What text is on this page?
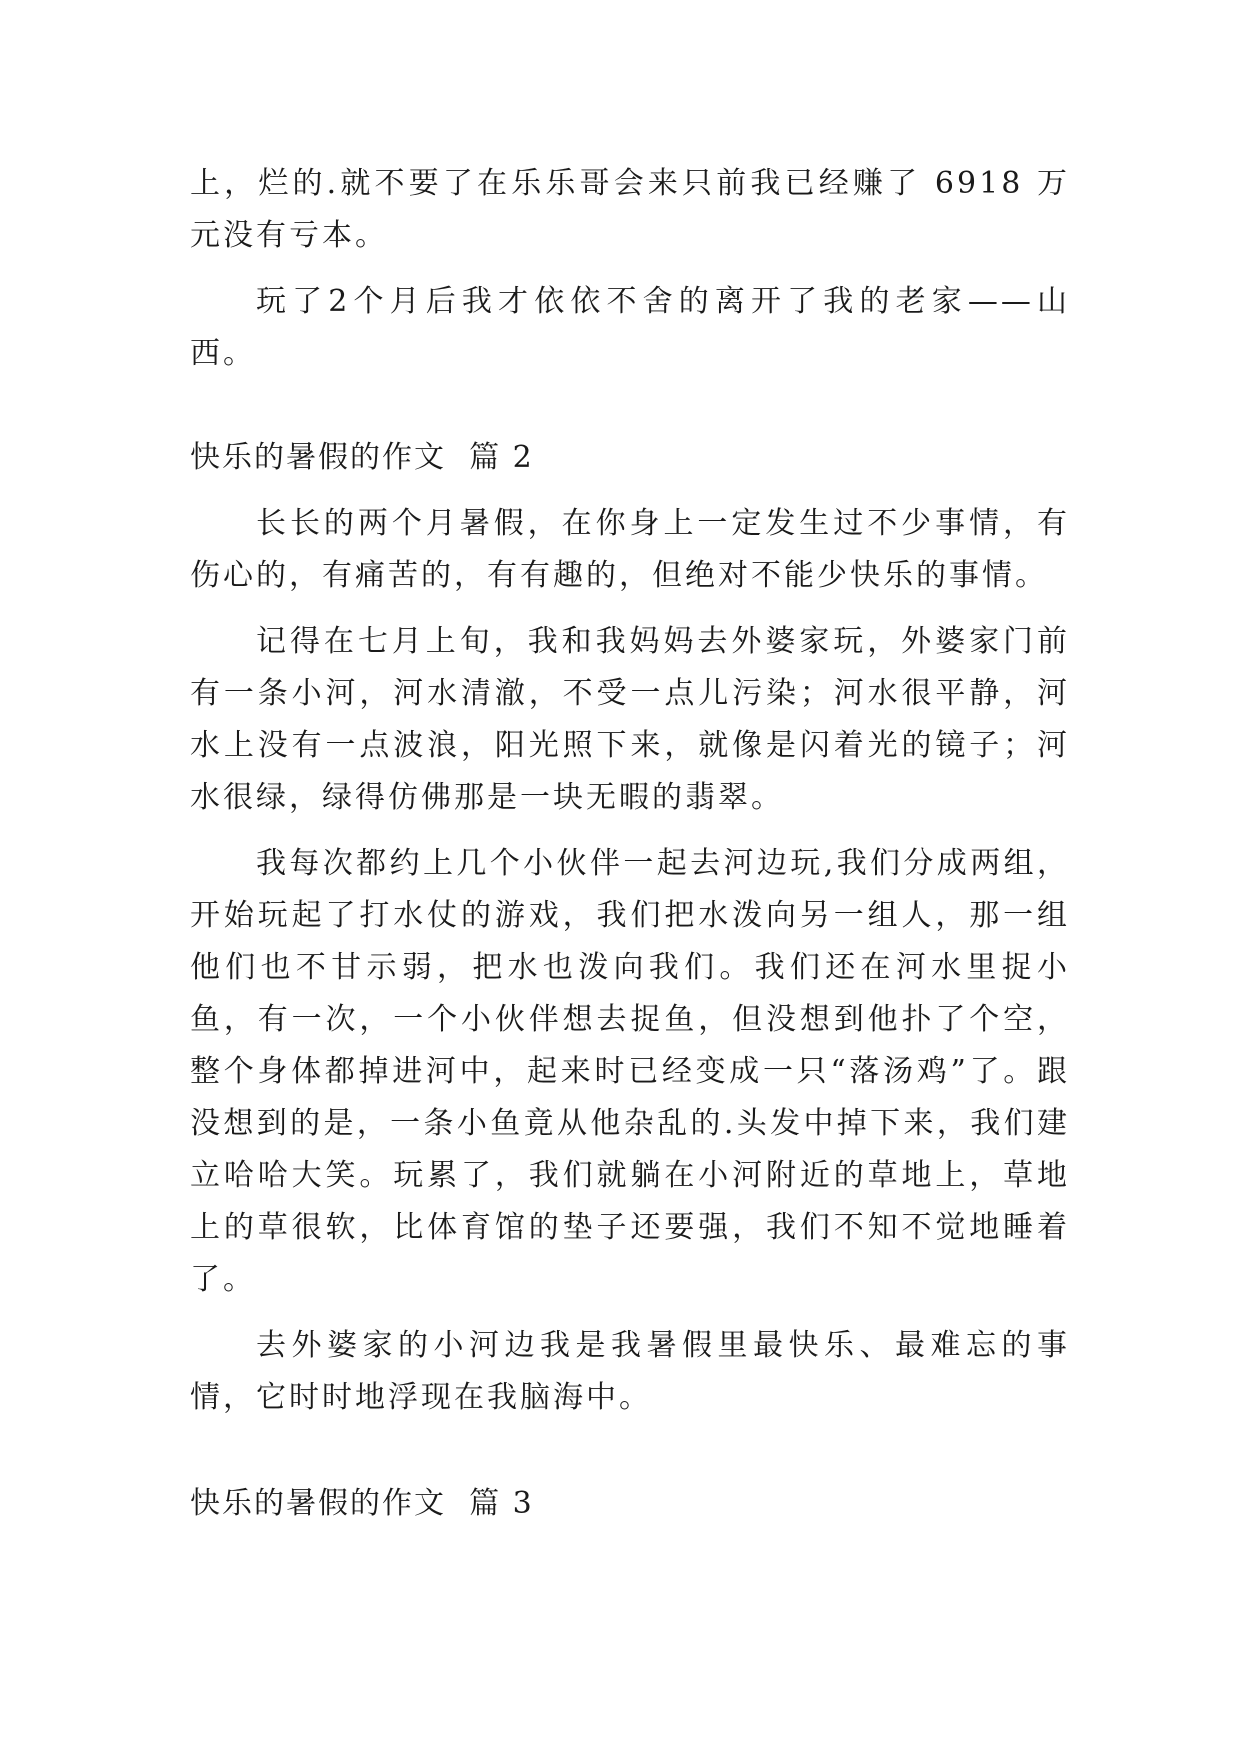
上，烂的.就不要了在乐乐哥会来只前我已经赚了 6918 万元没有亏本。

玩了2个月后我才依依不舍的离开了我的老家——山西。

快乐的暑假的作文  篇 2

长长的两个月暑假，在你身上一定发生过不少事情，有伤心的，有痛苦的，有有趣的，但绝对不能少快乐的事情。

记得在七月上旬，我和我妈妈去外婆家玩，外婆家门前有一条小河，河水清澈，不受一点儿污染；河水很平静，河水上没有一点波浪，阳光照下来，就像是闪着光的镜子；河水很绿，绿得仿佛那是一块无暇的翡翠。

我每次都约上几个小伙伴一起去河边玩,我们分成两组，开始玩起了打水仗的游戏，我们把水泼向另一组人，那一组他们也不甘示弱，把水也泼向我们。我们还在河水里捉小鱼，有一次，一个小伙伴想去捉鱼，但没想到他扑了个空，整个身体都掉进河中，起来时已经变成一只“落汤鸡”了。跟没想到的是，一条小鱼竟从他杂乱的.头发中掉下来，我们建立哈哈大笑。玩累了，我们就躺在小河附近的草地上，草地上的草很软，比体育馆的垫子还要强，我们不知不觉地睡着了。

去外婆家的小河边我是我暑假里最快乐、最难忘的事情，它时时地浮现在我脑海中。

快乐的暑假的作文  篇 3
